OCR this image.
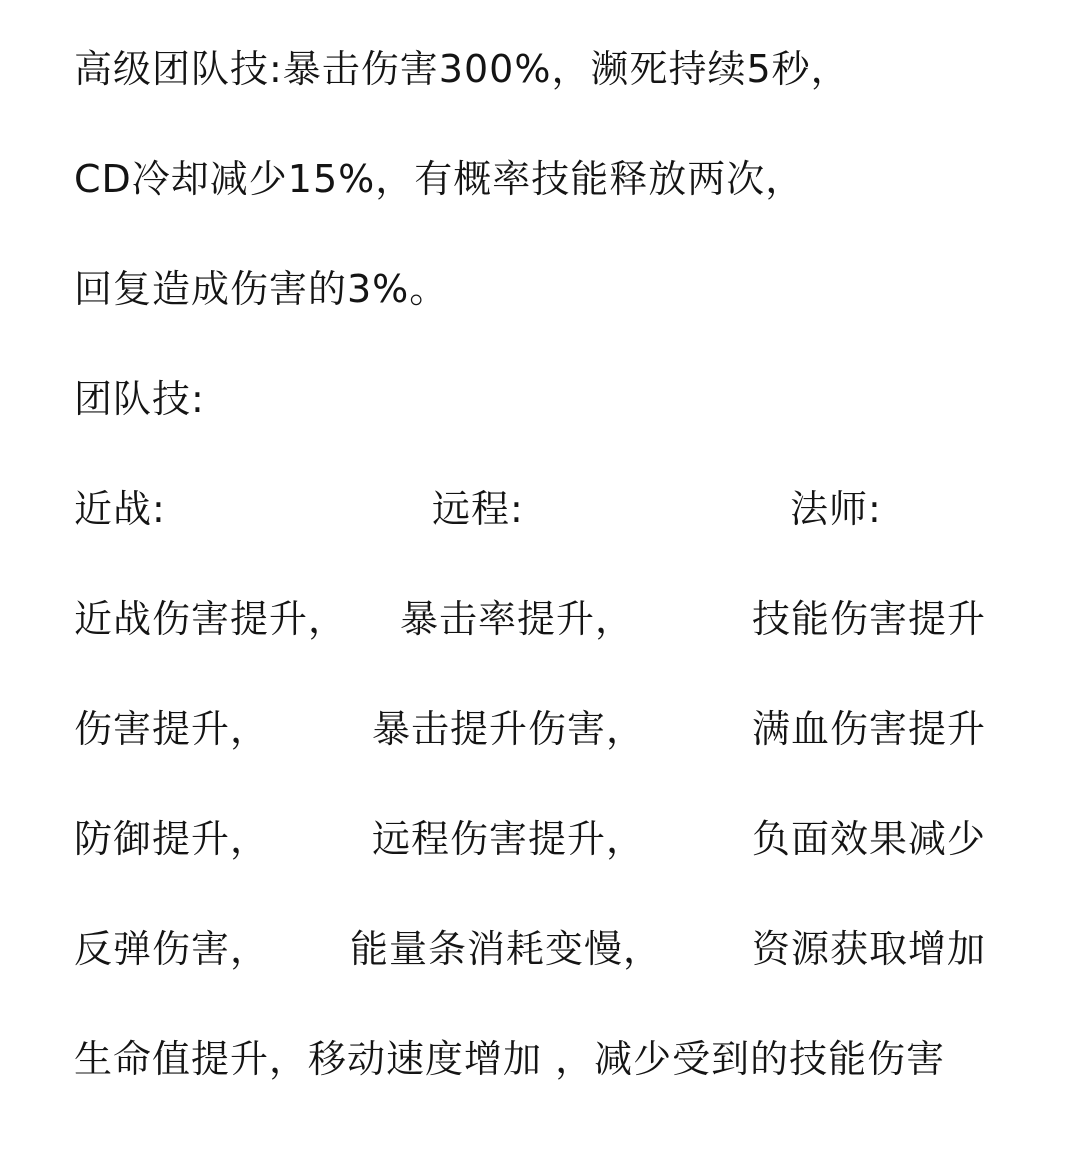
高级团队技:暴击伤害300%，濒死持续5秒，
CD冷却减少15%，有概率技能释放两次，
回复造成伤害的3%。
团队技:
近战:	远程:	法师:
近战伤害提升， 暴击率提升，	技能伤害提升
伤害提升，	暴击提升伤害，	满血伤害提升
防御提升，	远程伤害提升，	负面效果减少
反弹伤害， 能量条消耗变慢， 资源获取增加
生命值提升，移动速度增加 ，减少受到的技能伤害
